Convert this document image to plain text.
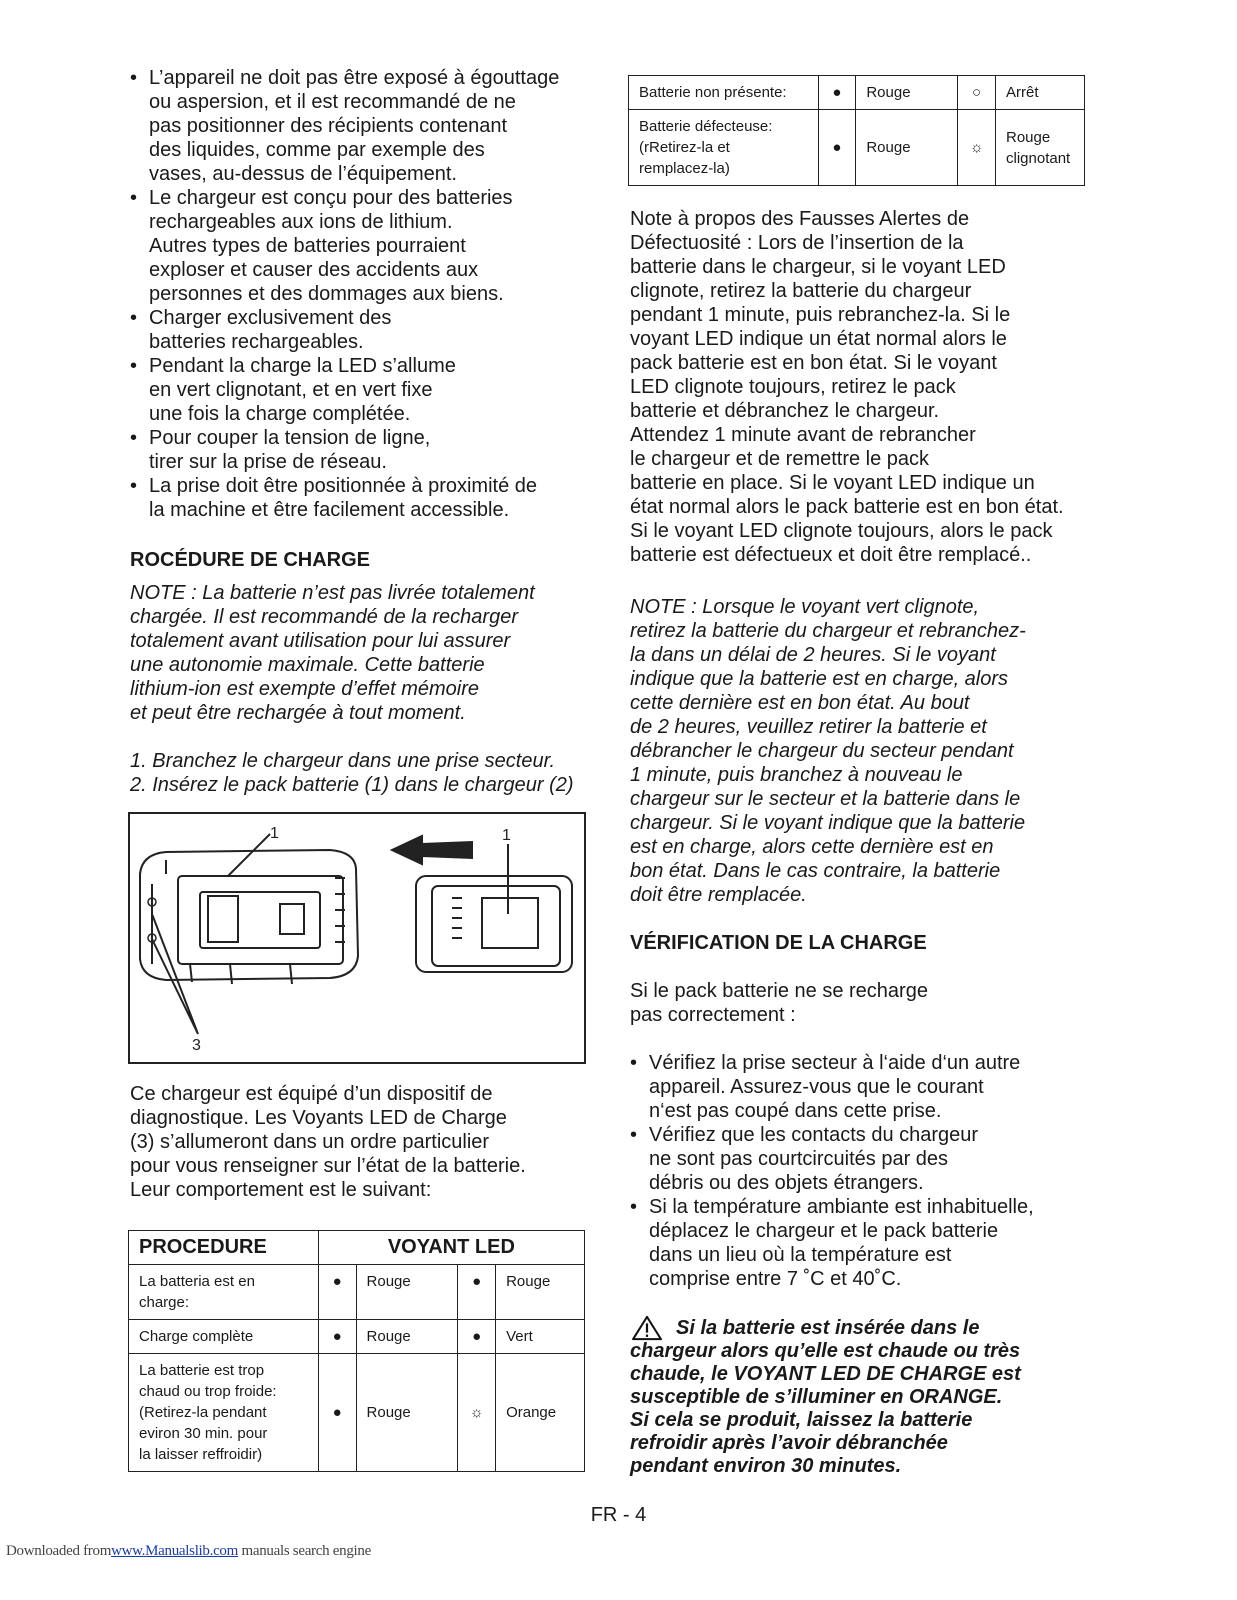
• L’appareil ne doit pas être exposé à égouttage
ou aspersion, et il est recommandé de ne
pas positionner des récipients contenant
des liquides, comme par exemple des
vases, au-dessus de l’équipement.
• Le chargeur est conçu pour des batteries
rechargeables aux ions de lithium.
Autres types de batteries pourraient
exploser et causer des accidents aux
personnes et des dommages aux biens.
• Charger exclusivement des
batteries rechargeables.
• Pendant la charge la LED s’allume
en vert clignotant, et en vert fixe
une fois la charge complétée.
• Pour couper la tension de ligne,
tirer sur la prise de réseau.
• La prise doit être positionnée à proximité de
la machine et être facilement accessible.

ROCÉDURE DE CHARGE

NOTE : La batterie n’est pas livrée totalement
chargée. Il est recommandé de la recharger
totalement avant utilisation pour lui assurer
une autonomie maximale. Cette batterie
lithium-ion est exempte d’effet mémoire
et peut être rechargée à tout moment.

1. Branchez le chargeur dans une prise secteur.
2. Insérez le pack batterie (1) dans le chargeur (2)

1	1
3

Ce chargeur est équipé d’un dispositif de
diagnostique. Les Voyants LED de Charge
(3) s’allumeront dans un ordre particulier
pour vous renseigner sur l’état de la batterie.
Leur comportement est le suivant:

PROCEDURE	VOYANT LED			
La batteria est en
charge:	●	Rouge	●	Rouge
Charge complète	●	Rouge	●	Vert
La batterie est trop
chaud ou trop froide:
(Retirez-la pendant
eviron 30 min. pour
la laisser reffroidir)	●	Rouge	☼	Orange
Batterie non présente:	●	Rouge	○	Arrêt
Batterie défecteuse:
(rRetirez-la et
remplacez-la)	●	Rouge	☼	Rouge
clignotant

Note à propos des Fausses Alertes de
Défectuosité : Lors de l’insertion de la
batterie dans le chargeur, si le voyant LED
clignote, retirez la batterie du chargeur
pendant 1 minute, puis rebranchez-la. Si le
voyant LED indique un état normal alors le
pack batterie est en bon état. Si le voyant
LED clignote toujours, retirez le pack
batterie et débranchez le chargeur.
Attendez 1 minute avant de rebrancher
le chargeur et de remettre le pack
batterie en place. Si le voyant LED indique un
état normal alors le pack batterie est en bon état.
Si le voyant LED clignote toujours, alors le pack
batterie est défectueux et doit être remplacé..

NOTE : Lorsque le voyant vert clignote,
retirez la batterie du chargeur et rebranchez-
la dans un délai de 2 heures. Si le voyant
indique que la batterie est en charge, alors
cette dernière est en bon état. Au bout
de 2 heures, veuillez retirer la batterie et
débrancher le chargeur du secteur pendant
1 minute, puis branchez à nouveau le
chargeur sur le secteur et la batterie dans le
chargeur. Si le voyant indique que la batterie
est en charge, alors cette dernière est en
bon état. Dans le cas contraire, la batterie
doit être remplacée.

VÉRIFICATION DE LA CHARGE

Si le pack batterie ne se recharge
pas correctement :

• Vérifiez la prise secteur à l‘aide d‘un autre
appareil. Assurez-vous que le courant
n‘est pas coupé dans cette prise.
• Vérifiez que les contacts du chargeur
ne sont pas courtcircuités par des
débris ou des objets étrangers.
• Si la température ambiante est inhabituelle,
déplacez le chargeur et le pack batterie
dans un lieu où la température est
comprise entre 7 ˚C et 40˚C.

Si la batterie est insérée dans le
chargeur alors qu’elle est chaude ou très
chaude, le VOYANT LED DE CHARGE est
susceptible de s’illuminer en ORANGE.
Si cela se produit, laissez la batterie
refroidir après l’avoir débranchée
pendant environ 30 minutes.

FR - 4
Downloaded fromwww.Manualslib.com manuals search engine
